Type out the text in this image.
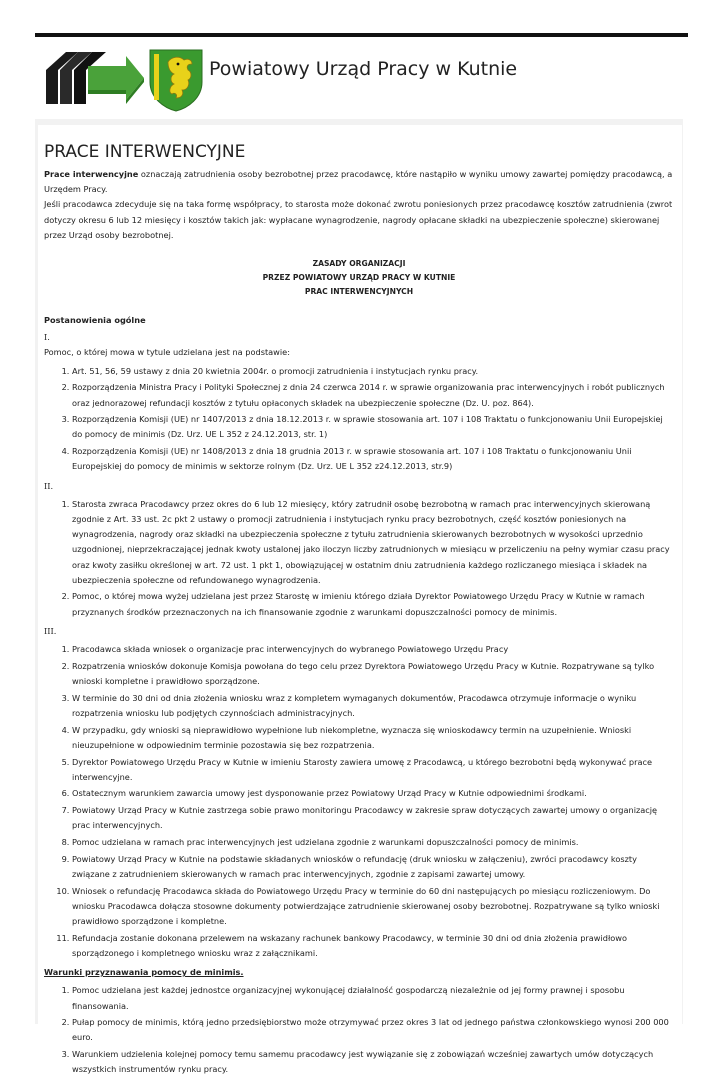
Powiatowy Urząd Pracy w Kutnie
PRACE INTERWENCYJNE

Prace interwencyjne oznaczają zatrudnienia osoby bezrobotnej przez pracodawcę, które nastąpiło w wyniku umowy zawartej pomiędzy pracodawcą, a Urzędem Pracy.

Jeśli pracodawca zdecyduje się na taka formę współpracy, to starosta może dokonać zwrotu poniesionych przez pracodawcę kosztów zatrudnienia (zwrot dotyczy okresu 6 lub 12 miesięcy i kosztów takich jak: wypłacane wynagrodzenie, nagrody opłacane składki na ubezpieczenie społeczne) skierowanej przez Urząd osoby bezrobotnej.

ZASADY ORGANIZACJI
PRZEZ POWIATOWY URZĄD PRACY W KUTNIE
PRAC INTERWENCYJNYCH
Postanowienia ogólne
I.

Pomoc, o której mowa w tytule udzielana jest na podstawie:

1. Art. 51, 56, 59 ustawy z dnia 20 kwietnia 2004r. o promocji zatrudnienia i instytucjach rynku pracy.
2. Rozporządzenia Ministra Pracy i Polityki Społecznej z dnia 24 czerwca 2014 r. w sprawie organizowania prac interwencyjnych i robót publicznych oraz jednorazowej refundacji kosztów z tytułu opłaconych składek na ubezpieczenie społeczne (Dz. U. poz. 864).
3. Rozporządzenia Komisji (UE) nr 1407/2013 z dnia 18.12.2013 r. w sprawie stosowania art. 107 i 108 Traktatu o funkcjonowaniu Unii Europejskiej do pomocy de minimis (Dz. Urz. UE L 352 z 24.12.2013, str. 1)
4. Rozporządzenia Komisji (UE) nr 1408/2013 z dnia 18 grudnia 2013 r. w sprawie stosowania art. 107 i 108 Traktatu o funkcjonowaniu Unii Europejskiej do pomocy de minimis w sektorze rolnym (Dz. Urz. UE L 352 z24.12.2013, str.9)
II.
1. Starosta zwraca Pracodawcy przez okres do 6 lub 12 miesięcy, który zatrudnił osobę bezrobotną w ramach prac interwencyjnych skierowaną zgodnie z Art. 33 ust. 2c pkt 2 ustawy o promocji zatrudnienia i instytucjach rynku pracy bezrobotnych, część kosztów poniesionych na wynagrodzenia, nagrody oraz składki na ubezpieczenia społeczne z tytułu zatrudnienia skierowanych bezrobotnych w wysokości uprzednio uzgodnionej, nieprzekraczającej jednak kwoty ustalonej jako iloczyn liczby zatrudnionych w miesiącu w przeliczeniu na pełny wymiar czasu pracy oraz kwoty zasiłku określonej w art. 72 ust. 1 pkt 1, obowiązującej w ostatnim dniu zatrudnienia każdego rozliczanego miesiąca i składek na ubezpieczenia społeczne od refundowanego wynagrodzenia.
2. Pomoc, o której mowa wyżej udzielana jest przez Starostę w imieniu którego działa Dyrektor Powiatowego Urzędu Pracy w Kutnie w ramach przyznanych środków przeznaczonych na ich finansowanie zgodnie z warunkami dopuszczalności pomocy de minimis.
III.
1. Pracodawca składa wniosek o organizacje prac interwencyjnych do wybranego Powiatowego Urzędu Pracy
2. Rozpatrzenia wniosków dokonuje Komisja powołana do tego celu przez Dyrektora Powiatowego Urzędu Pracy w Kutnie. Rozpatrywane są tylko wnioski kompletne i prawidłowo sporządzone.
3. W terminie do 30 dni od dnia złożenia wniosku wraz z kompletem wymaganych dokumentów, Pracodawca otrzymuje informacje o wyniku rozpatrzenia wniosku lub podjętych czynnościach administracyjnych.
4. W przypadku, gdy wnioski są nieprawidłowo wypełnione lub niekompletne, wyznacza się wnioskodawcy termin na uzupełnienie. Wnioski nieuzupełnione w odpowiednim terminie pozostawia się bez rozpatrzenia.
5. Dyrektor Powiatowego Urzędu Pracy w Kutnie w imieniu Starosty zawiera umowę z Pracodawcą, u którego bezrobotni będą wykonywać prace interwencyjne.
6. Ostatecznym warunkiem zawarcia umowy jest dysponowanie przez Powiatowy Urząd Pracy w Kutnie odpowiednimi środkami.
7. Powiatowy Urząd Pracy w Kutnie zastrzega sobie prawo monitoringu Pracodawcy w zakresie spraw dotyczących zawartej umowy o organizację prac interwencyjnych.
8. Pomoc udzielana w ramach prac interwencyjnych jest udzielana zgodnie z warunkami dopuszczalności pomocy de minimis.
9. Powiatowy Urząd Pracy w Kutnie na podstawie składanych wniosków o refundację (druk wniosku w załączeniu), zwróci pracodawcy koszty związane z zatrudnieniem skierowanych w ramach prac interwencyjnych, zgodnie z zapisami zawartej umowy.
10. Wniosek o refundację Pracodawca składa do Powiatowego Urzędu Pracy w terminie do 60 dni następujących po miesiącu rozliczeniowym. Do wniosku Pracodawca dołącza stosowne dokumenty potwierdzające zatrudnienie skierowanej osoby bezrobotnej. Rozpatrywane są tylko wnioski prawidłowo sporządzone i kompletne.
11. Refundacja zostanie dokonana przelewem na wskazany rachunek bankowy Pracodawcy, w terminie 30 dni od dnia złożenia prawidłowo sporządzonego i kompletnego wniosku wraz z załącznikami.
Warunki przyznawania pomocy de minimis.
1. Pomoc udzielana jest każdej jednostce organizacyjnej wykonującej działalność gospodarczą niezależnie od jej formy prawnej i sposobu finansowania.
2. Pułap pomocy de minimis, którą jedno przedsiębiorstwo może otrzymywać przez okres 3 lat od jednego państwa członkowskiego wynosi 200 000 euro.
3. Warunkiem udzielenia kolejnej pomocy temu samemu pracodawcy jest wywiązanie się z zobowiązań wcześniej zawartych umów dotyczących wszystkich instrumentów rynku pracy.
